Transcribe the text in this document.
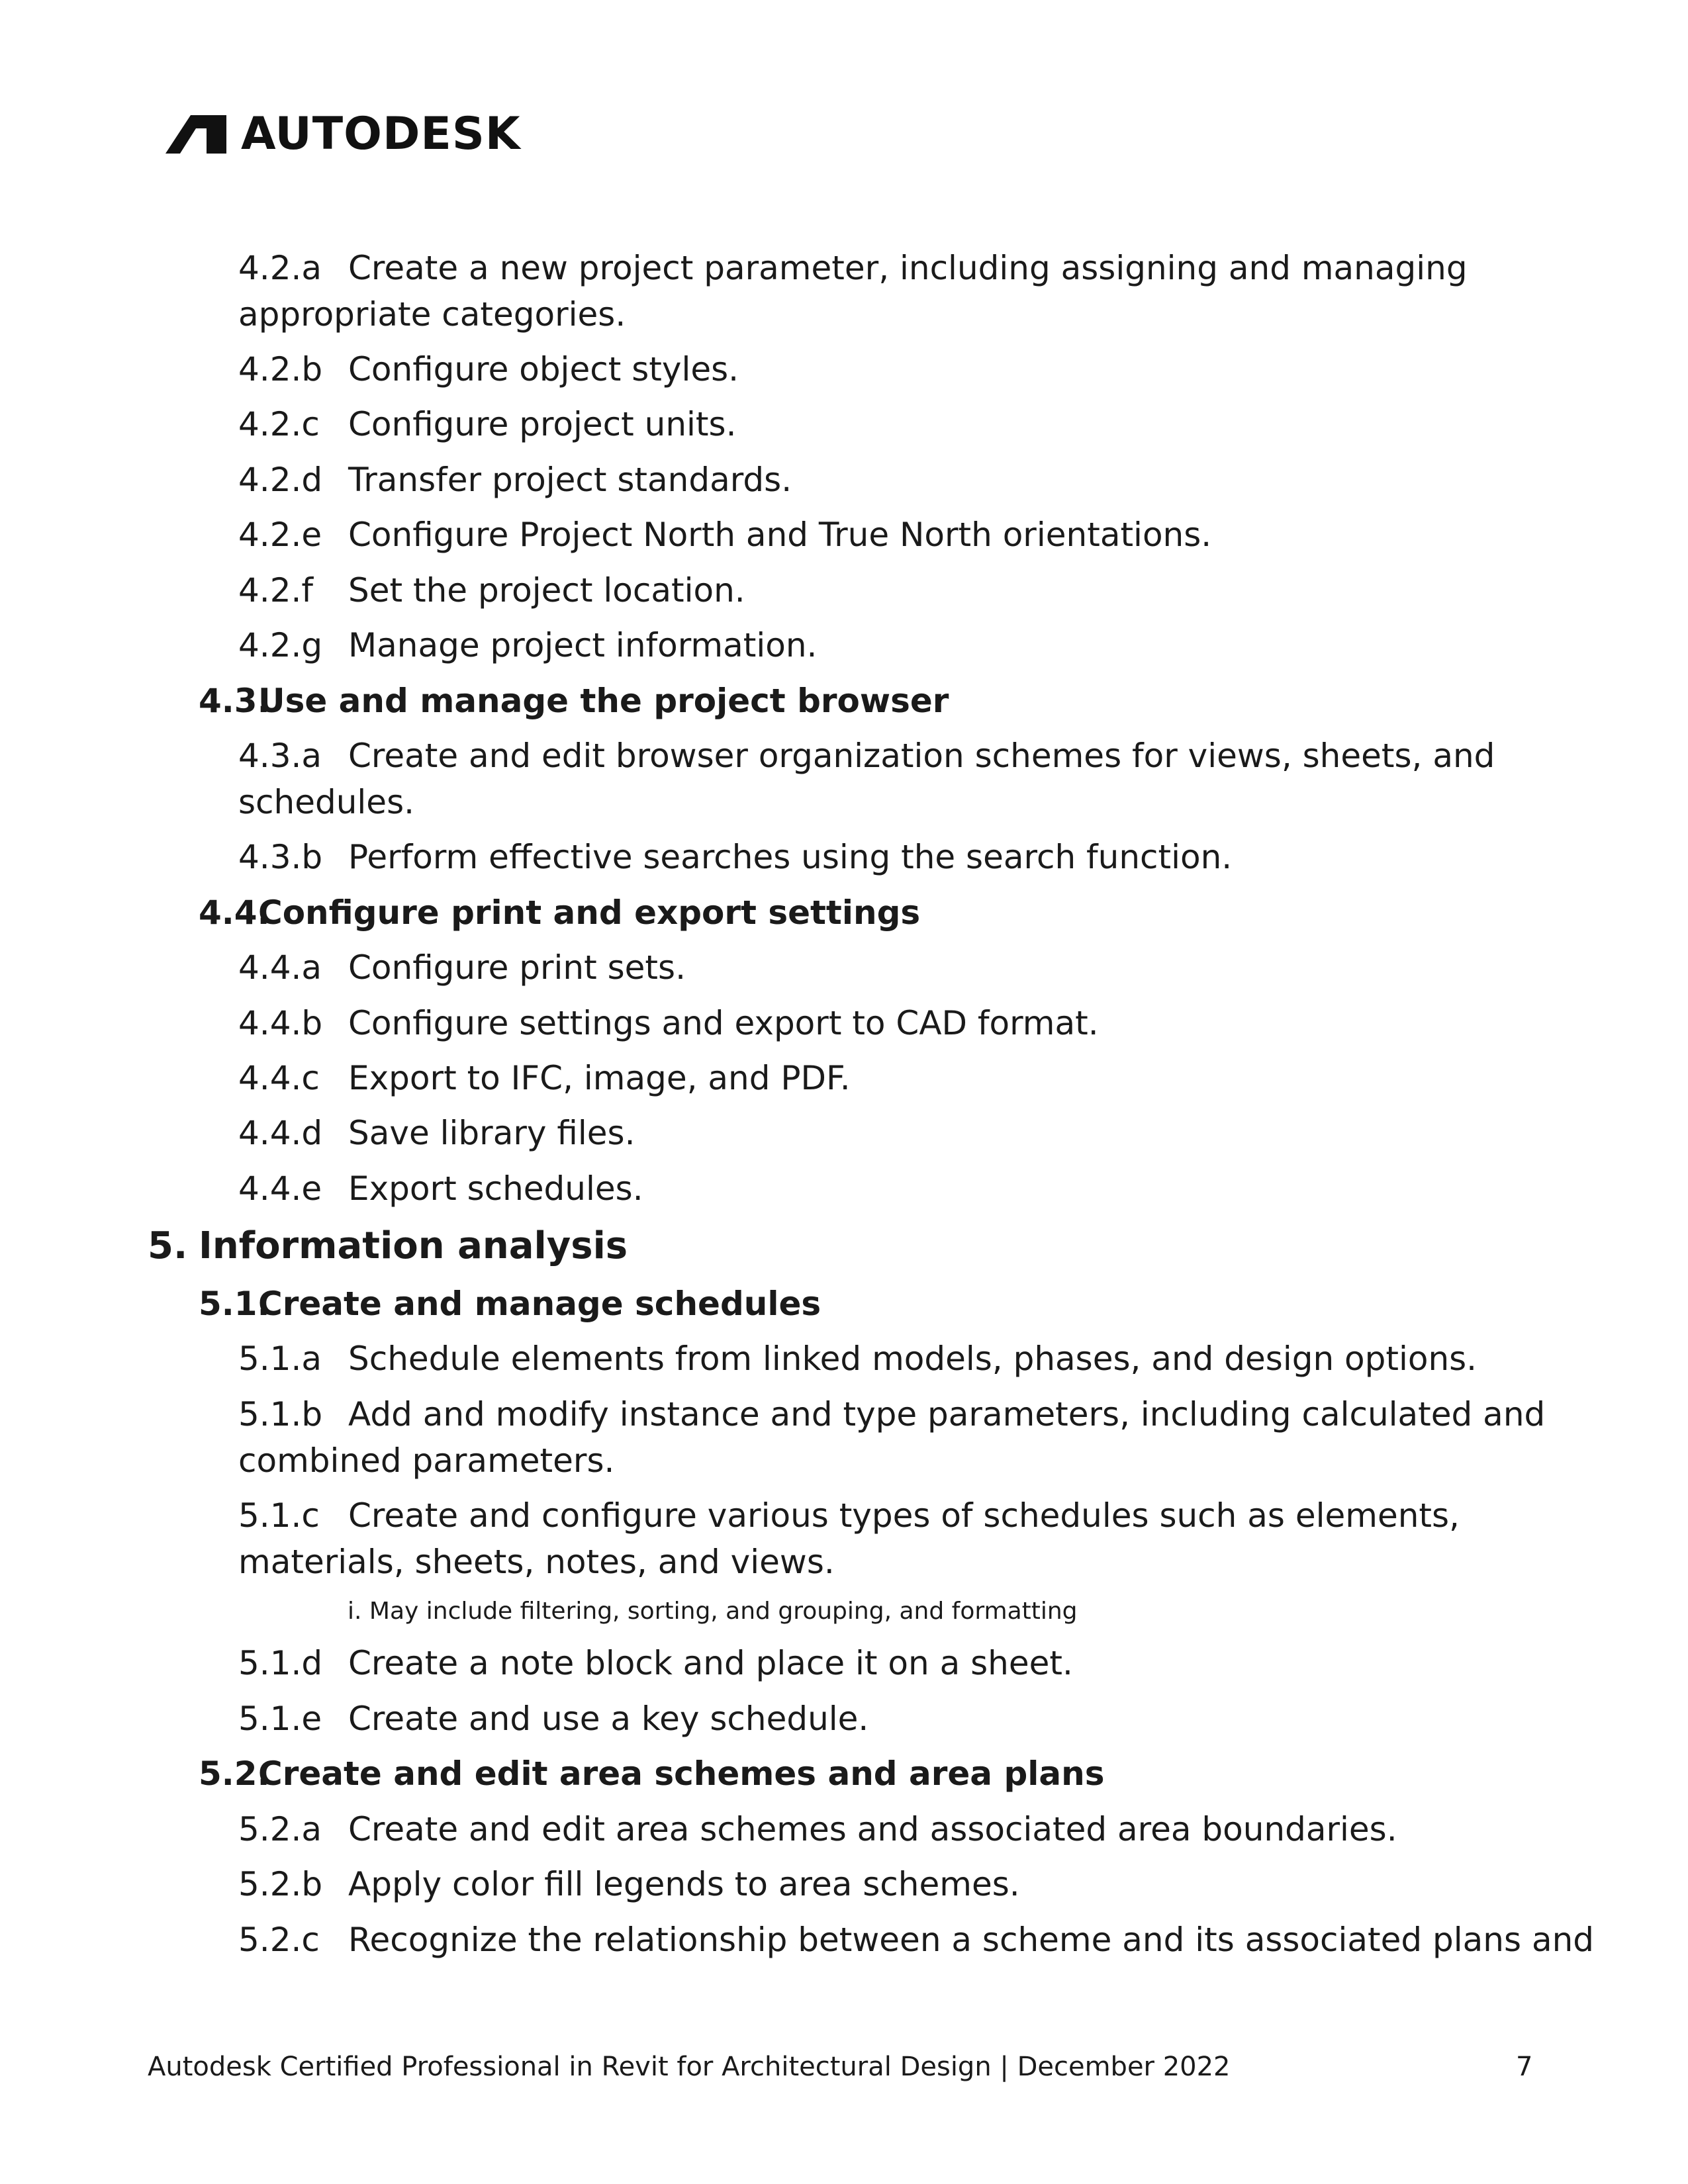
AUTODESK
4.2.a Create a new project parameter, including assigning and managing
appropriate categories.
4.2.b Configure object styles.
4.2.c Configure project units.
4.2.d Transfer project standards.
4.2.e Configure Project North and True North orientations.
4.2.f Set the project location.
4.2.g Manage project information.
4.3.
Use and manage the project browser
4.3.a Create and edit browser organization schemes for views, sheets, and
schedules.
4.3.b Perform effective searches using the search function.
4.4.
Configure print and export settings
4.4.a Configure print sets.
4.4.b Configure settings and export to CAD format.
4.4.c Export to IFC, image, and PDF.
4.4.d Save library files.
4.4.e Export schedules.
5. Information analysis
5.1.
Create and manage schedules
5.1.a Schedule elements from linked models, phases, and design options.
5.1.b Add and modify instance and type parameters, including calculated and
combined parameters.
5.1.c Create and configure various types of schedules such as elements,
materials, sheets, notes, and views.
i. May include filtering, sorting, and grouping, and formatting
5.1.d Create a note block and place it on a sheet.
5.1.e Create and use a key schedule.
5.2.
Create and edit area schemes and area plans
5.2.a Create and edit area schemes and associated area boundaries.
5.2.b Apply color fill legends to area schemes.
5.2.c Recognize the relationship between a scheme and its associated plans and
Autodesk Certified Professional in Revit for Architectural Design | December 2022	7
